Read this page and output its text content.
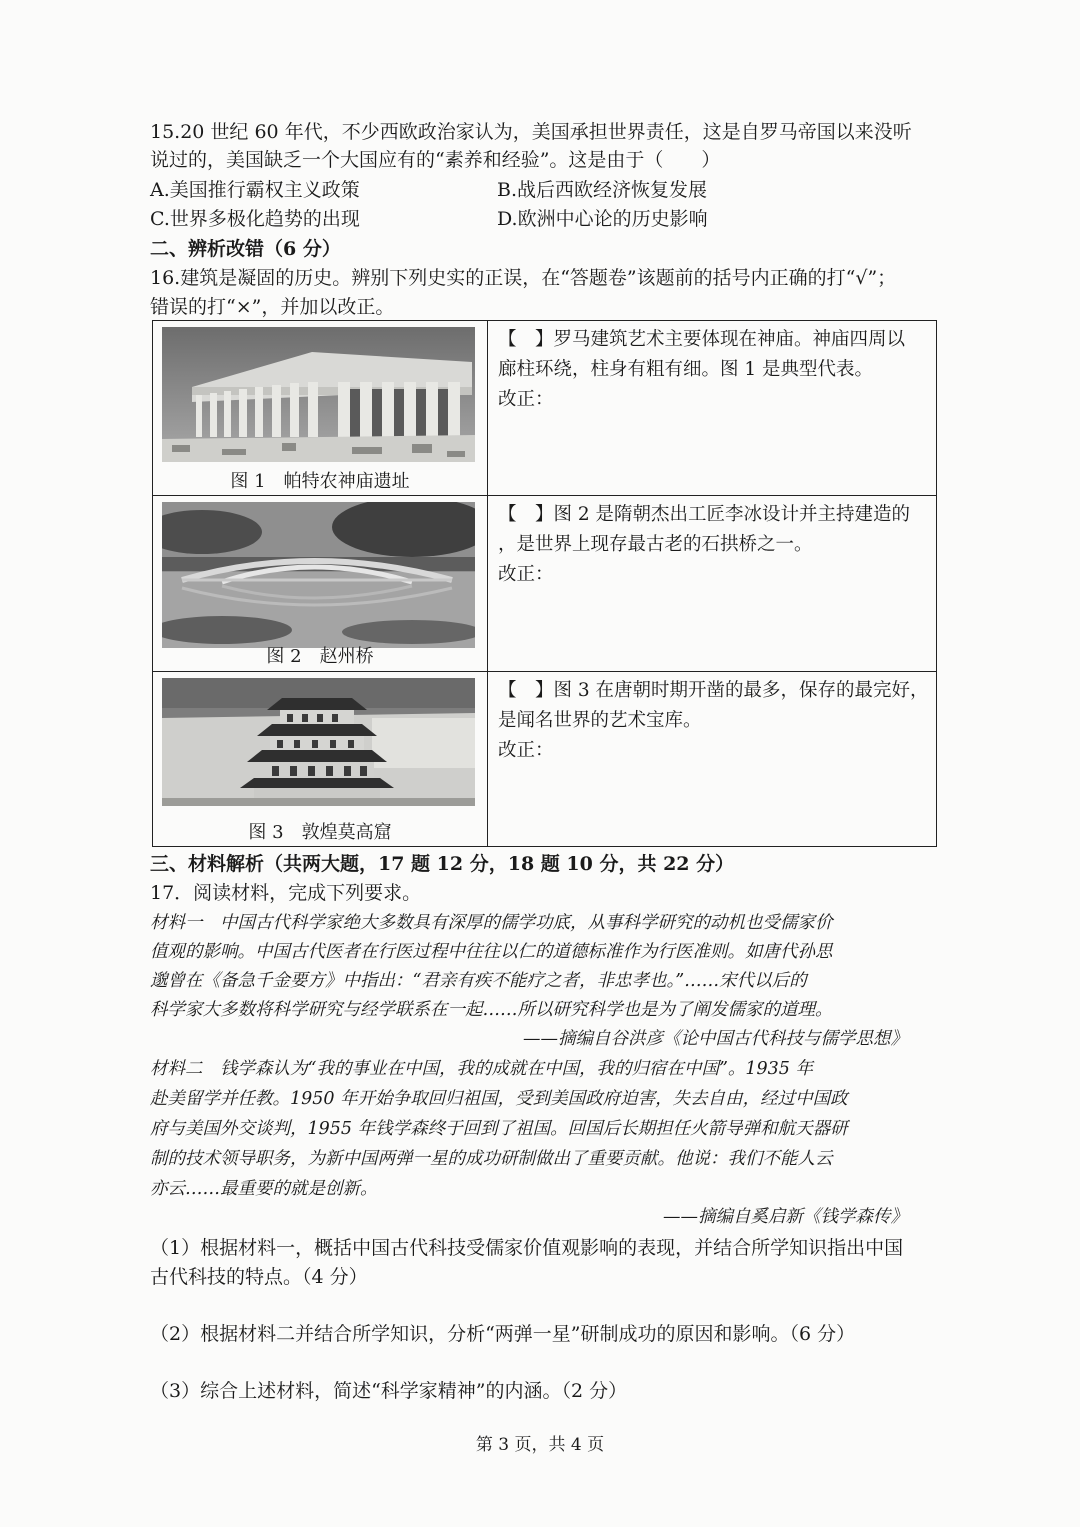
15.20 世纪 60 年代，不少西欧政治家认为，美国承担世界责任，这是自罗马帝国以来没听
说过的，美国缺乏一个大国应有的“素养和经验”。这是由于（　　）
A.美国推行霸权主义政策	B.战后西欧经济恢复发展
C.世界多极化趋势的出现	D.欧洲中心论的历史影响
二、辨析改错（6 分）
16.建筑是凝固的历史。辨别下列史实的正误，在“答题卷”该题前的括号内正确的打“√”；
错误的打“×”，并加以改正。
图 1　帕特农神庙遗址	【　】罗马建筑艺术主要体现在神庙。神庙四周以
廊柱环绕，柱身有粗有细。图 1 是典型代表。
改正：

图 2　赵州桥	【　】图 2 是隋朝杰出工匠李冰设计并主持建造的
，是世界上现存最古老的石拱桥之一。
改正：

图 3　敦煌莫高窟	【　】图 3 在唐朝时期开凿的最多，保存的最完好，
是闻名世界的艺术宝库。
改正：
三、材料解析（共两大题，17 题 12 分，18 题 10 分，共 22 分）
17．阅读材料，完成下列要求。
材料一　中国古代科学家绝大多数具有深厚的儒学功底，从事科学研究的动机也受儒家价
值观的影响。中国古代医者在行医过程中往往以仁的道德标准作为行医准则。如唐代孙思
邈曾在《备急千金要方》中指出：“君亲有疾不能疗之者，非忠孝也。”……宋代以后的
科学家大多数将科学研究与经学联系在一起……所以研究科学也是为了阐发儒家的道理。
——摘编自谷洪彦《论中国古代科技与儒学思想》
材料二　钱学森认为“我的事业在中国，我的成就在中国，我的归宿在中国”。1935 年
赴美留学并任教。1950 年开始争取回归祖国，受到美国政府迫害，失去自由，经过中国政
府与美国外交谈判，1955 年钱学森终于回到了祖国。回国后长期担任火箭导弹和航天器研
制的技术领导职务，为新中国两弹一星的成功研制做出了重要贡献。他说：我们不能人云
亦云……最重要的就是创新。
——摘编自奚启新《钱学森传》
（1）根据材料一，概括中国古代科技受儒家价值观影响的表现，并结合所学知识指出中国
古代科技的特点。（4 分）
（2）根据材料二并结合所学知识，分析“两弹一星”研制成功的原因和影响。（6 分）
（3）综合上述材料，简述“科学家精神”的内涵。（2 分）
第 3 页，共 4 页
